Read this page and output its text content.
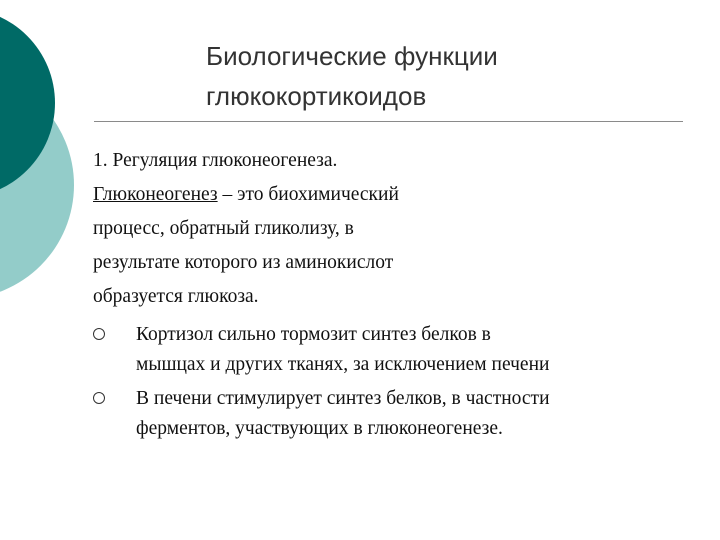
Биологические функции
глюкокортикоидов
1. Регуляция глюконеогенеза.
Глюконеогенез – это биохимический
процесс, обратный гликолизу, в
результате которого из аминокислот
образуется глюкоза.
Кортизол сильно тормозит синтез белков в
мышцах и других тканях, за исключением печени
В печени стимулирует синтез белков, в частности
ферментов, участвующих в глюконеогенезе.
